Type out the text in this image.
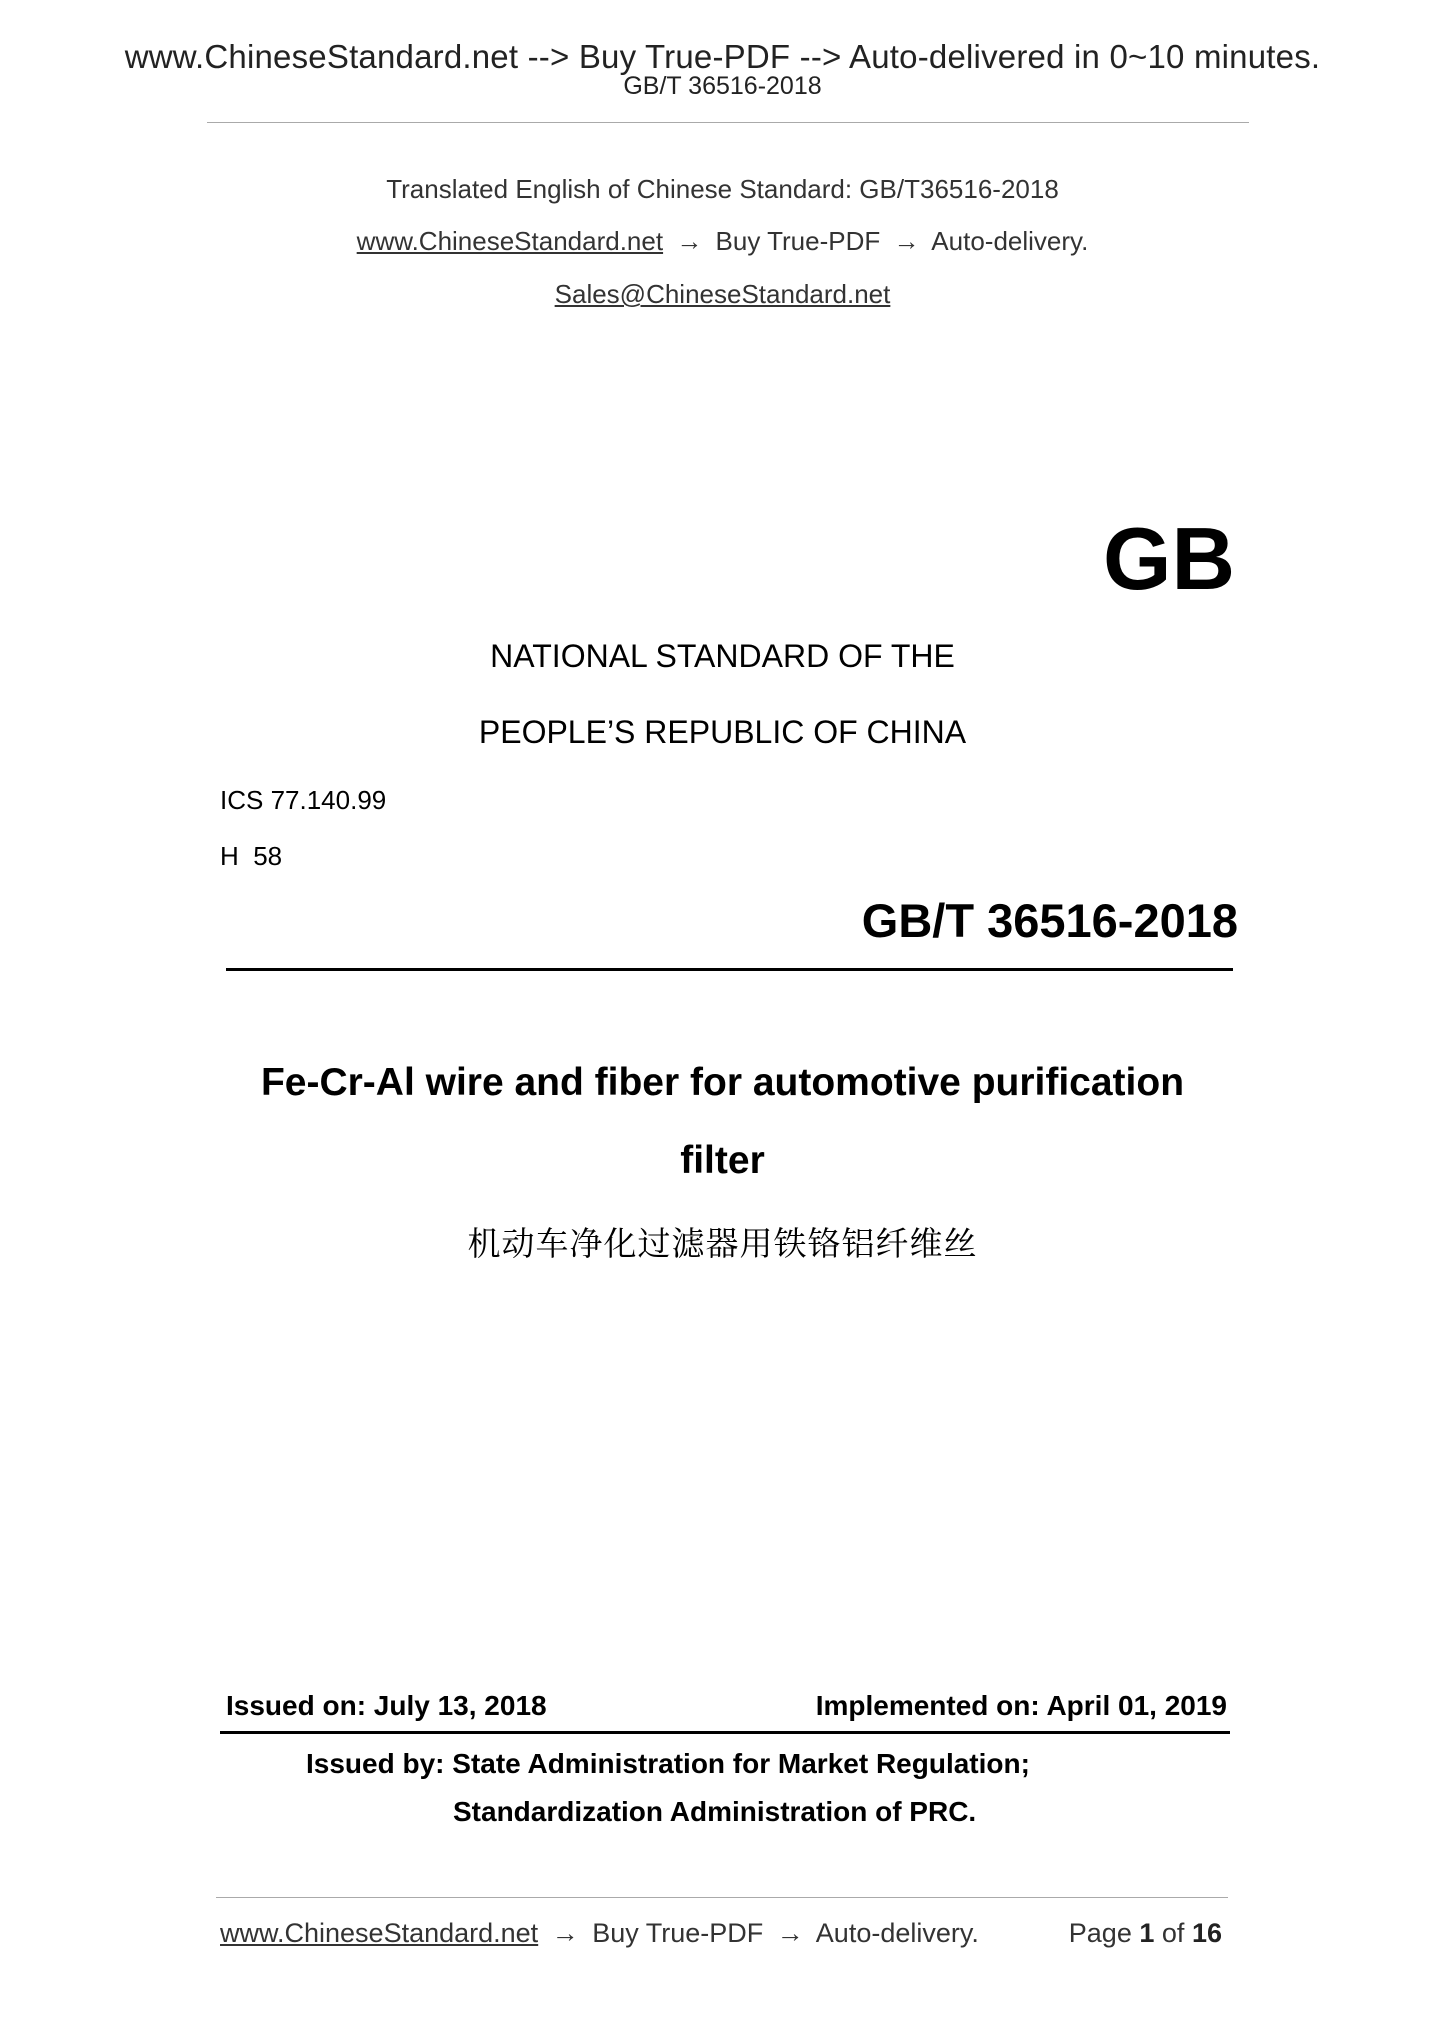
www.ChineseStandard.net --> Buy True-PDF --> Auto-delivered in 0~10 minutes.
GB/T 36516-2018
Translated English of Chinese Standard: GB/T36516-2018
www.ChineseStandard.net → Buy True-PDF → Auto-delivery.
Sales@ChineseStandard.net
GB
NATIONAL STANDARD OF THE
PEOPLE’S REPUBLIC OF CHINA
ICS 77.140.99
H  58
GB/T 36516-2018
Fe-Cr-Al wire and fiber for automotive purification
filter
机动车净化过滤器用铁铬铝纤维丝
Issued on: July 13, 2018	Implemented on: April 01, 2019
Issued by: State Administration for Market Regulation;
Standardization Administration of PRC.
www.ChineseStandard.net → Buy True-PDF → Auto-delivery.	Page 1 of 16
